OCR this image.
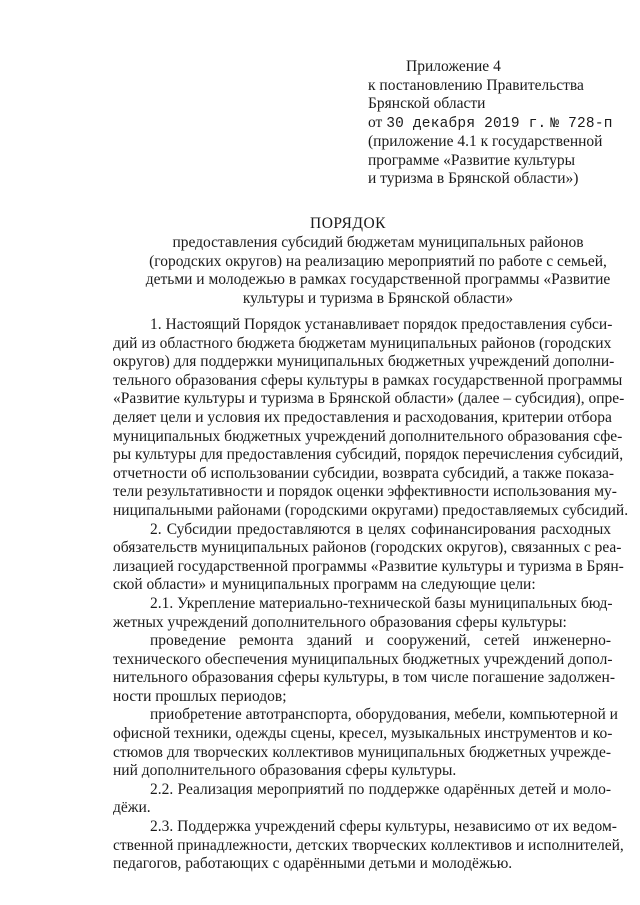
Приложение 4
к постановлению Правительства
Брянской области
от 30 декабря 2019 г. № 728-п
(приложение 4.1 к государственной
программе «Развитие культуры
и туризма в Брянской области»)
ПОРЯДОК
предоставления субсидий бюджетам муниципальных районов
(городских округов) на реализацию мероприятий по работе с семьей,
детьми и молодежью в рамках государственной программы «Развитие
культуры и туризма в Брянской области»
1. Настоящий Порядок устанавливает порядок предоставления субси-
дий из областного бюджета бюджетам муниципальных районов (городских
округов) для поддержки муниципальных бюджетных учреждений дополни-
тельного образования сферы культуры в рамках государственной программы
«Развитие культуры и туризма в Брянской области» (далее – субсидия), опре-
деляет цели и условия их предоставления и расходования, критерии отбора
муниципальных бюджетных учреждений дополнительного образования сфе-
ры культуры для предоставления субсидий, порядок перечисления субсидий,
отчетности об использовании субсидии, возврата субсидий, а также показа-
тели результативности и порядок оценки эффективности использования му-
ниципальными районами (городскими округами) предоставляемых субсидий.
2. Субсидии предоставляются в целях софинансирования расходных
обязательств муниципальных районов (городских округов), связанных с реа-
лизацией государственной программы «Развитие культуры и туризма в Брян-
ской области» и муниципальных программ на следующие цели:
2.1. Укрепление материально-технической базы муниципальных бюд-
жетных учреждений дополнительного образования сферы культуры:
проведение ремонта зданий и сооружений, сетей инженерно-
технического обеспечения муниципальных бюджетных учреждений допол-
нительного образования сферы культуры, в том числе погашение задолжен-
ности прошлых периодов;
приобретение автотранспорта, оборудования, мебели, компьютерной и
офисной техники, одежды сцены, кресел, музыкальных инструментов и ко-
стюмов для творческих коллективов муниципальных бюджетных учрежде-
ний дополнительного образования сферы культуры.
2.2. Реализация мероприятий по поддержке одарённых детей и моло-
дёжи.
2.3. Поддержка учреждений сферы культуры, независимо от их ведом-
ственной принадлежности, детских творческих коллективов и исполнителей,
педагогов, работающих с одарёнными детьми и молодёжью.
